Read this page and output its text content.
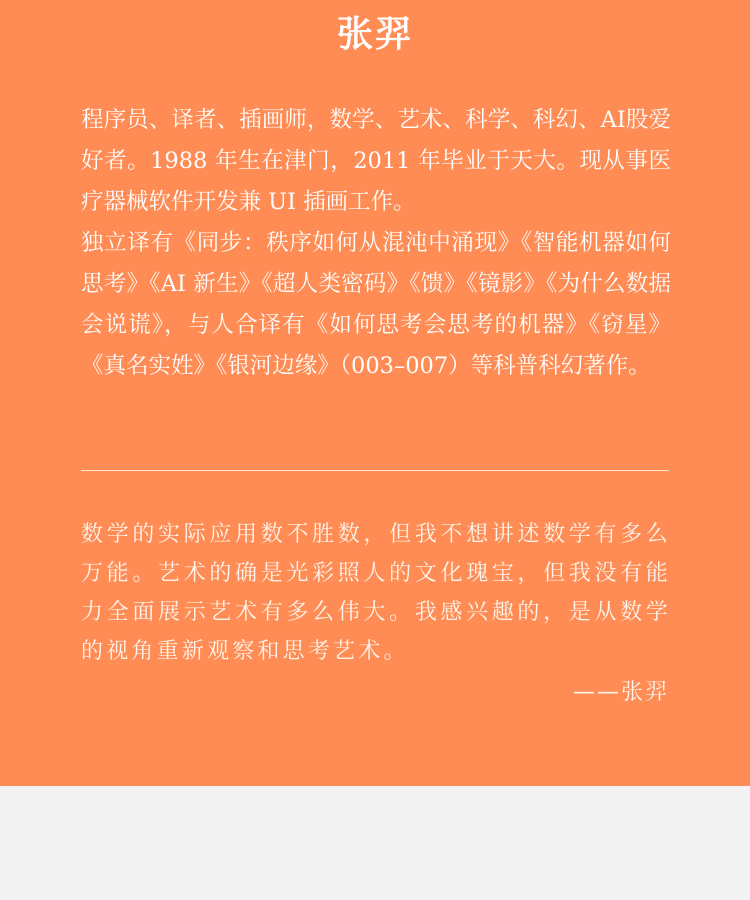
张羿

程序员、译者、插画师，数学、艺术、科学、科幻、AI股爱好者。1988 年生在津门，2011 年毕业于天大。现从事医疗器械软件开发兼 UI 插画工作。

独立译有《同步：秩序如何从混沌中涌现》《智能机器如何思考》《AI 新生》《超人类密码》《馈》《镜影》《为什么数据会说谎》，与人合译有《如何思考会思考的机器》《窃星》《真名实姓》《银河边缘》（003–007）等科普科幻著作。

数学的实际应用数不胜数，但我不想讲述数学有多么万能。艺术的确是光彩照人的文化瑰宝，但我没有能力全面展示艺术有多么伟大。我感兴趣的，是从数学的视角重新观察和思考艺术。
——张羿
